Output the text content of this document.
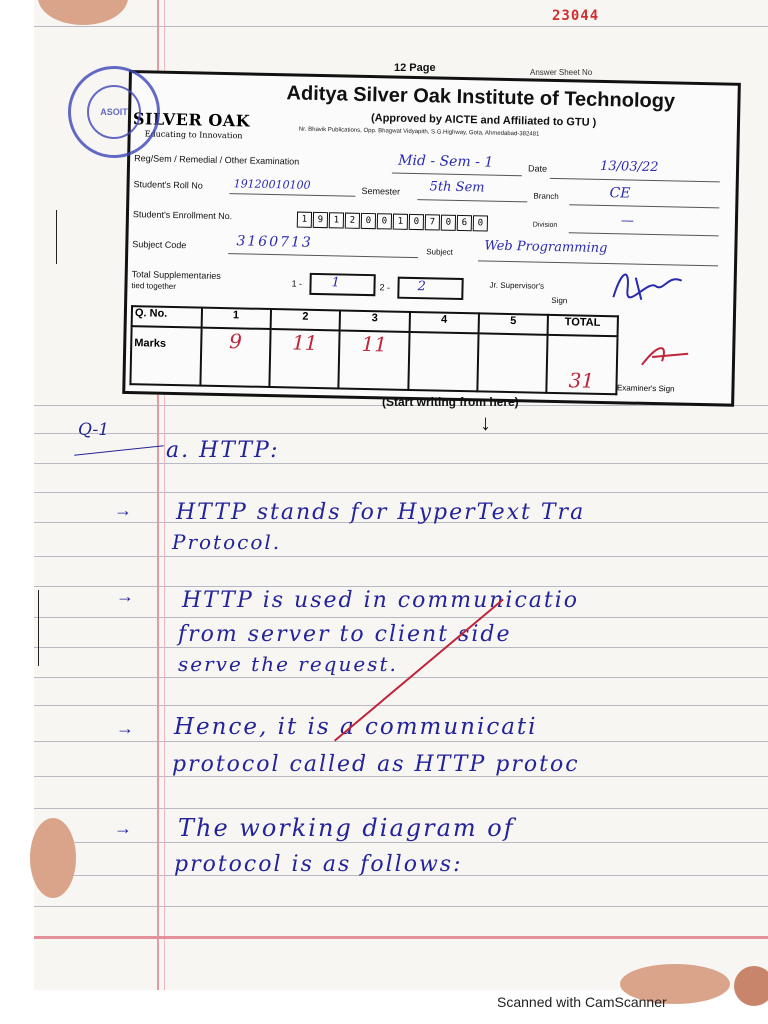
23044
12 Page	Answer Sheet No
Aditya Silver Oak Institute of Technology
(Approved by AICTE and Affiliated to GTU )
Nr. Bhavik Publications, Opp. Bhagwat Vidyapith, S.G.Highway, Gota, Ahmedabad-382481
SILVER OAK
Educating to Innovation
Reg/Sem / Remedial / Other Examination	Mid - Sem - 1	Date	13/03/22
Student's Roll No	19120010100	Semester 5th Sem
Branch	CE
Student's Enrollment No.	1 9 1 2 0 0 1 0 7 0 6 0	Division	—
Subject Code	3160713
Subject Web Programming
Total Supplementaries
tied together	1 - 1	2 - 2	Jr. Supervisor's
Sign
Q. No.	1	2	3	4	5	TOTAL	
Marks	9	11	11			31	Examiner's Sign
ASOIT
(Start writing from here)
↓
Q-1
a. HTTP:
→ HTTP stands for HyperText Tra
Protocol.
→ HTTP is used in communicatio
from server to client side
serve the request.
→ Hence, it is a communicati
protocol called as HTTP protoc
→ The working diagram of
protocol is as follows:
Scanned with CamScanner
